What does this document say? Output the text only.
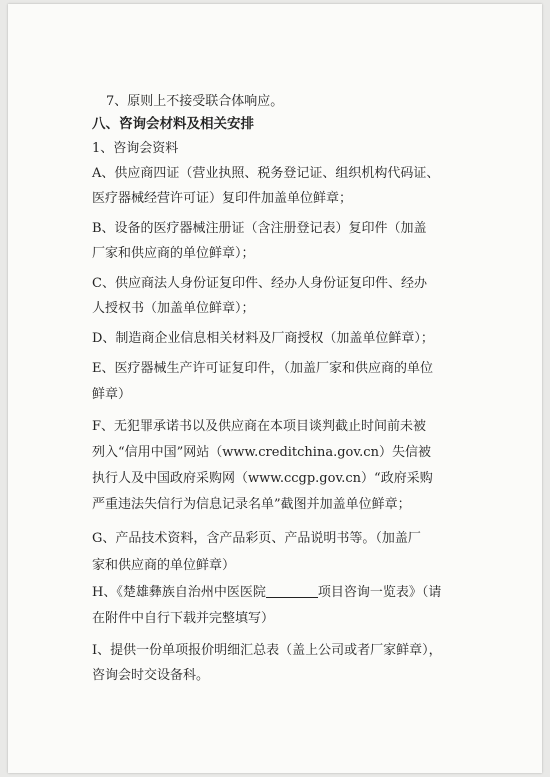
7、原则上不接受联合体响应。
八、咨询会材料及相关安排
1、咨询会资料
A、供应商四证（营业执照、税务登记证、组织机构代码证、
医疗器械经营许可证）复印件加盖单位鲜章；
B、设备的医疗器械注册证（含注册登记表）复印件（加盖
厂家和供应商的单位鲜章）；
C、供应商法人身份证复印件、经办人身份证复印件、经办
人授权书（加盖单位鲜章）；
D、制造商企业信息相关材料及厂商授权（加盖单位鲜章）；
E、医疗器械生产许可证复印件，（加盖厂家和供应商的单位
鲜章）
F、无犯罪承诺书以及供应商在本项目谈判截止时间前未被
列入“信用中国”网站（www.creditchina.gov.cn）失信被
执行人及中国政府采购网（www.ccgp.gov.cn）“政府采购
严重违法失信行为信息记录名单”截图并加盖单位鲜章；
G、产品技术资料，含产品彩页、产品说明书等。（加盖厂
家和供应商的单位鲜章）
H、《楚雄彝族自治州中医医院	项目咨询一览表》（请
在附件中自行下载并完整填写）
I、提供一份单项报价明细汇总表（盖上公司或者厂家鲜章），
咨询会时交设备科。
